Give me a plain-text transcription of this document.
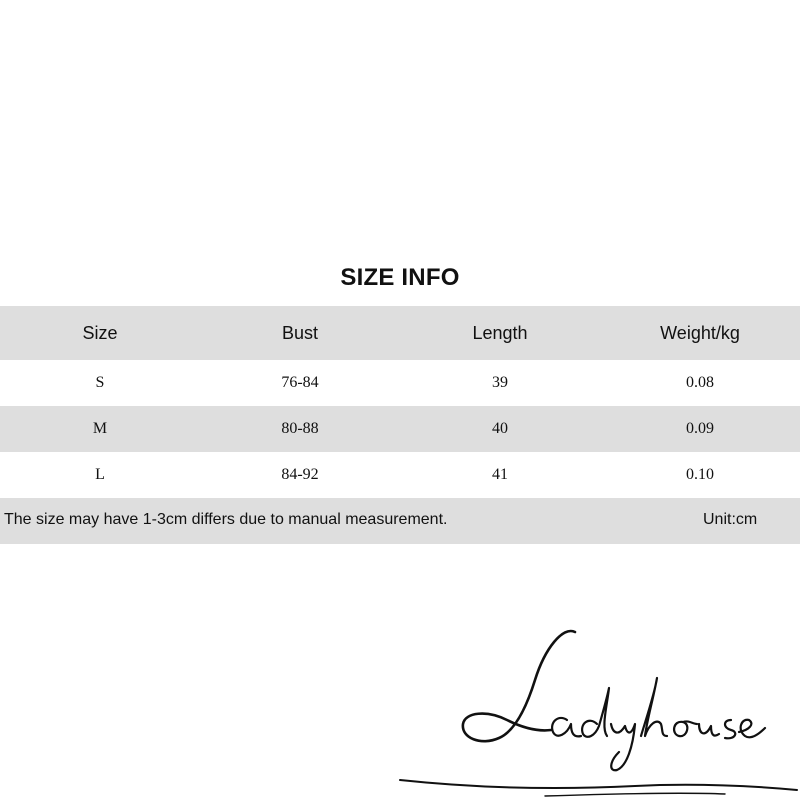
SIZE INFO
Size	Bust	Length	Weight/kg
S	76-84	39	0.08
M	80-88	40	0.09
L	84-92	41	0.10
The size may have 1-3cm differs due to manual measurement.	Unit:cm
